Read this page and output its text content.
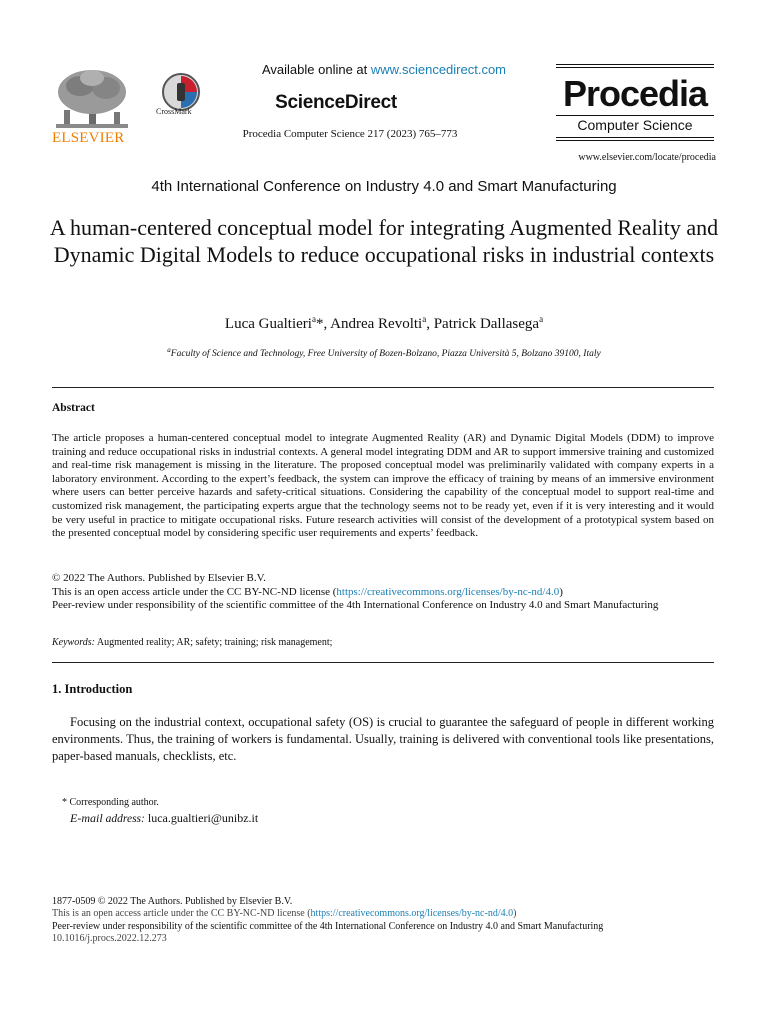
ELSEVIER
CrossMark
Available online at www.sciencedirect.com
ScienceDirect
Procedia Computer Science 217 (2023) 765–773
Procedia
Computer Science
www.elsevier.com/locate/procedia
4th International Conference on Industry 4.0 and Smart Manufacturing
A human-centered conceptual model for integrating Augmented Reality and Dynamic Digital Models to reduce occupational risks in industrial contexts
Luca Gualtieri$^a$*, Andrea Revolti$^a$, Patrick Dallasega$^a$
$^a$Faculty of Science and Technology, Free University of Bozen-Bolzano, Piazza Università 5, Bolzano 39100, Italy
Abstract
The article proposes a human-centered conceptual model to integrate Augmented Reality (AR) and Dynamic Digital Models (DDM) to improve training and reduce occupational risks in industrial contexts. A general model integrating DDM and AR to support immersive training and customized and real-time risk management is missing in the literature. The proposed conceptual model was preliminarily validated with company experts in a laboratory environment. According to the expert’s feedback, the system can improve the efficacy of training by means of an immersive environment where users can better perceive hazards and safety-critical situations. Considering the capability of the conceptual model to support real-time and customized risk management, the participating experts argue that the technology seems not to be ready yet, even if it is very interesting and it would be very useful in practice to mitigate occupational risks. Future research activities will consist of the development of a prototypical system based on the presented conceptual model by considering specific user requirements and experts’ feedback.
© 2022 The Authors. Published by Elsevier B.V.
This is an open access article under the CC BY-NC-ND license (https://creativecommons.org/licenses/by-nc-nd/4.0)
Peer-review under responsibility of the scientific committee of the 4th International Conference on Industry 4.0 and Smart Manufacturing
Keywords: Augmented reality; AR; safety; training; risk management;
1. Introduction
Focusing on the industrial context, occupational safety (OS) is crucial to guarantee the safeguard of people in different working environments. Thus, the training of workers is fundamental. Usually, training is delivered with conventional tools like presentations, paper-based manuals, checklists, etc.
* Corresponding author.
E-mail address: luca.gualtieri@unibz.it
1877-0509 © 2022 The Authors. Published by Elsevier B.V.
This is an open access article under the CC BY-NC-ND license (https://creativecommons.org/licenses/by-nc-nd/4.0)
Peer-review under responsibility of the scientific committee of the 4th International Conference on Industry 4.0 and Smart Manufacturing
10.1016/j.procs.2022.12.273
